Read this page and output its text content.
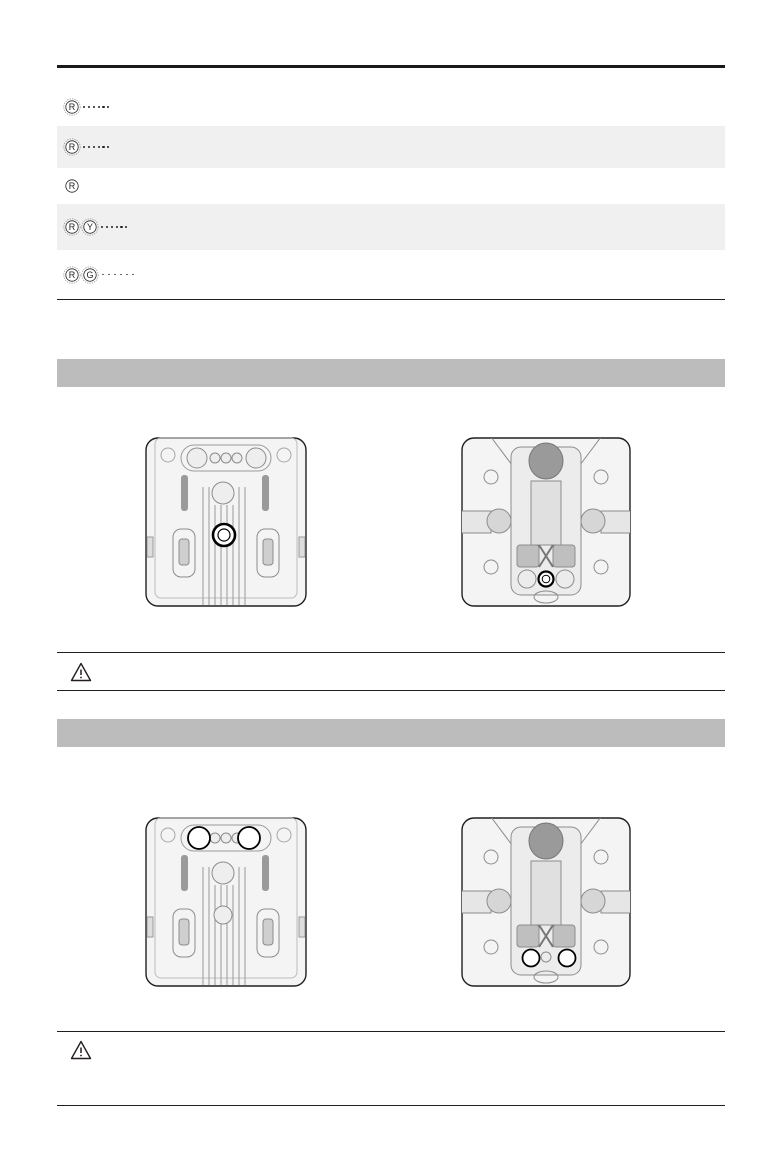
R
R
R
R Y
R G
